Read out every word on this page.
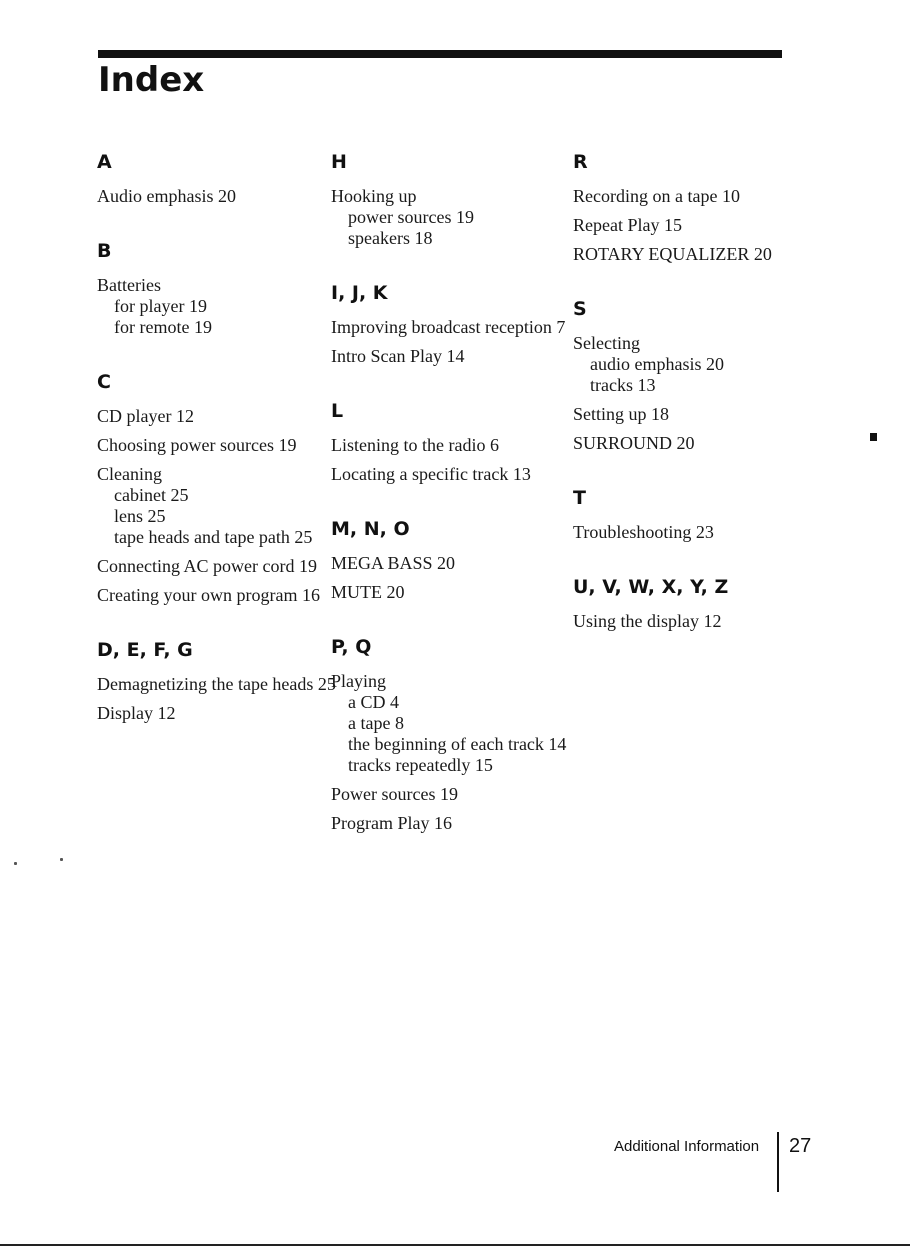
Index
A
Audio emphasis 20
B
Batteries
for player 19
for remote 19
C
CD player 12
Choosing power sources 19
Cleaning
cabinet 25
lens 25
tape heads and tape path 25
Connecting AC power cord 19
Creating your own program 16
D, E, F, G
Demagnetizing the tape heads 25
Display 12
H
Hooking up
power sources 19
speakers 18
I, J, K
Improving broadcast reception 7
Intro Scan Play 14
L
Listening to the radio 6
Locating a specific track 13
M, N, O
MEGA BASS 20
MUTE 20
P, Q
Playing
a CD 4
a tape 8
the beginning of each track 14
tracks repeatedly 15
Power sources 19
Program Play 16
R
Recording on a tape 10
Repeat Play 15
ROTARY EQUALIZER 20
S
Selecting
audio emphasis 20
tracks 13
Setting up 18
SURROUND 20
T
Troubleshooting 23
U, V, W, X, Y, Z
Using the display 12
Additional Information 27
